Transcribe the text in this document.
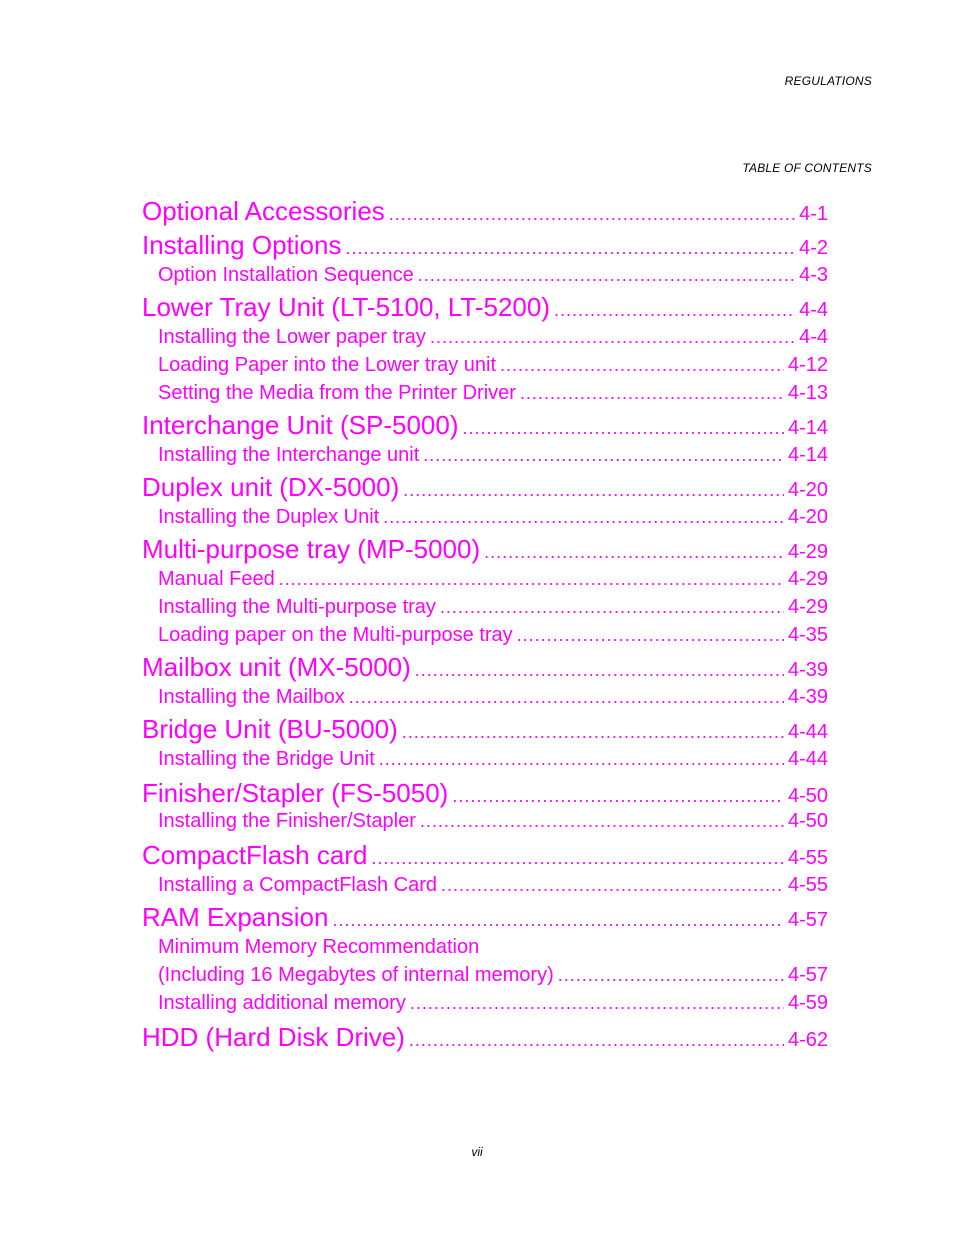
REGULATIONS
TABLE OF CONTENTS
Optional Accessories .....	4-1
Installing Options .....	4-2
Option Installation Sequence .....	4-3
Lower Tray Unit (LT-5100, LT-5200) .....	4-4
Installing the Lower paper tray .....	4-4
Loading Paper into the Lower tray unit .....	4-12
Setting the Media from the Printer Driver .....	4-13
Interchange Unit (SP-5000) .....	4-14
Installing the Interchange unit .....	4-14
Duplex unit (DX-5000) .....	4-20
Installing the Duplex Unit .....	4-20
Multi-purpose tray (MP-5000) .....	4-29
Manual Feed .....	4-29
Installing the Multi-purpose tray .....	4-29
Loading paper on the Multi-purpose tray .....	4-35
Mailbox unit (MX-5000) .....	4-39
Installing the Mailbox .....	4-39
Bridge Unit (BU-5000) .....	4-44
Installing the Bridge Unit .....	4-44
Finisher/Stapler (FS-5050) .....	4-50
Installing the Finisher/Stapler .....	4-50
CompactFlash card .....	4-55
Installing a CompactFlash Card .....	4-55
RAM Expansion .....	4-57
Minimum Memory Recommendation
(Including 16 Megabytes of internal memory) .....	4-57
Installing additional memory .....	4-59
HDD (Hard Disk Drive) .....	4-62
vii
